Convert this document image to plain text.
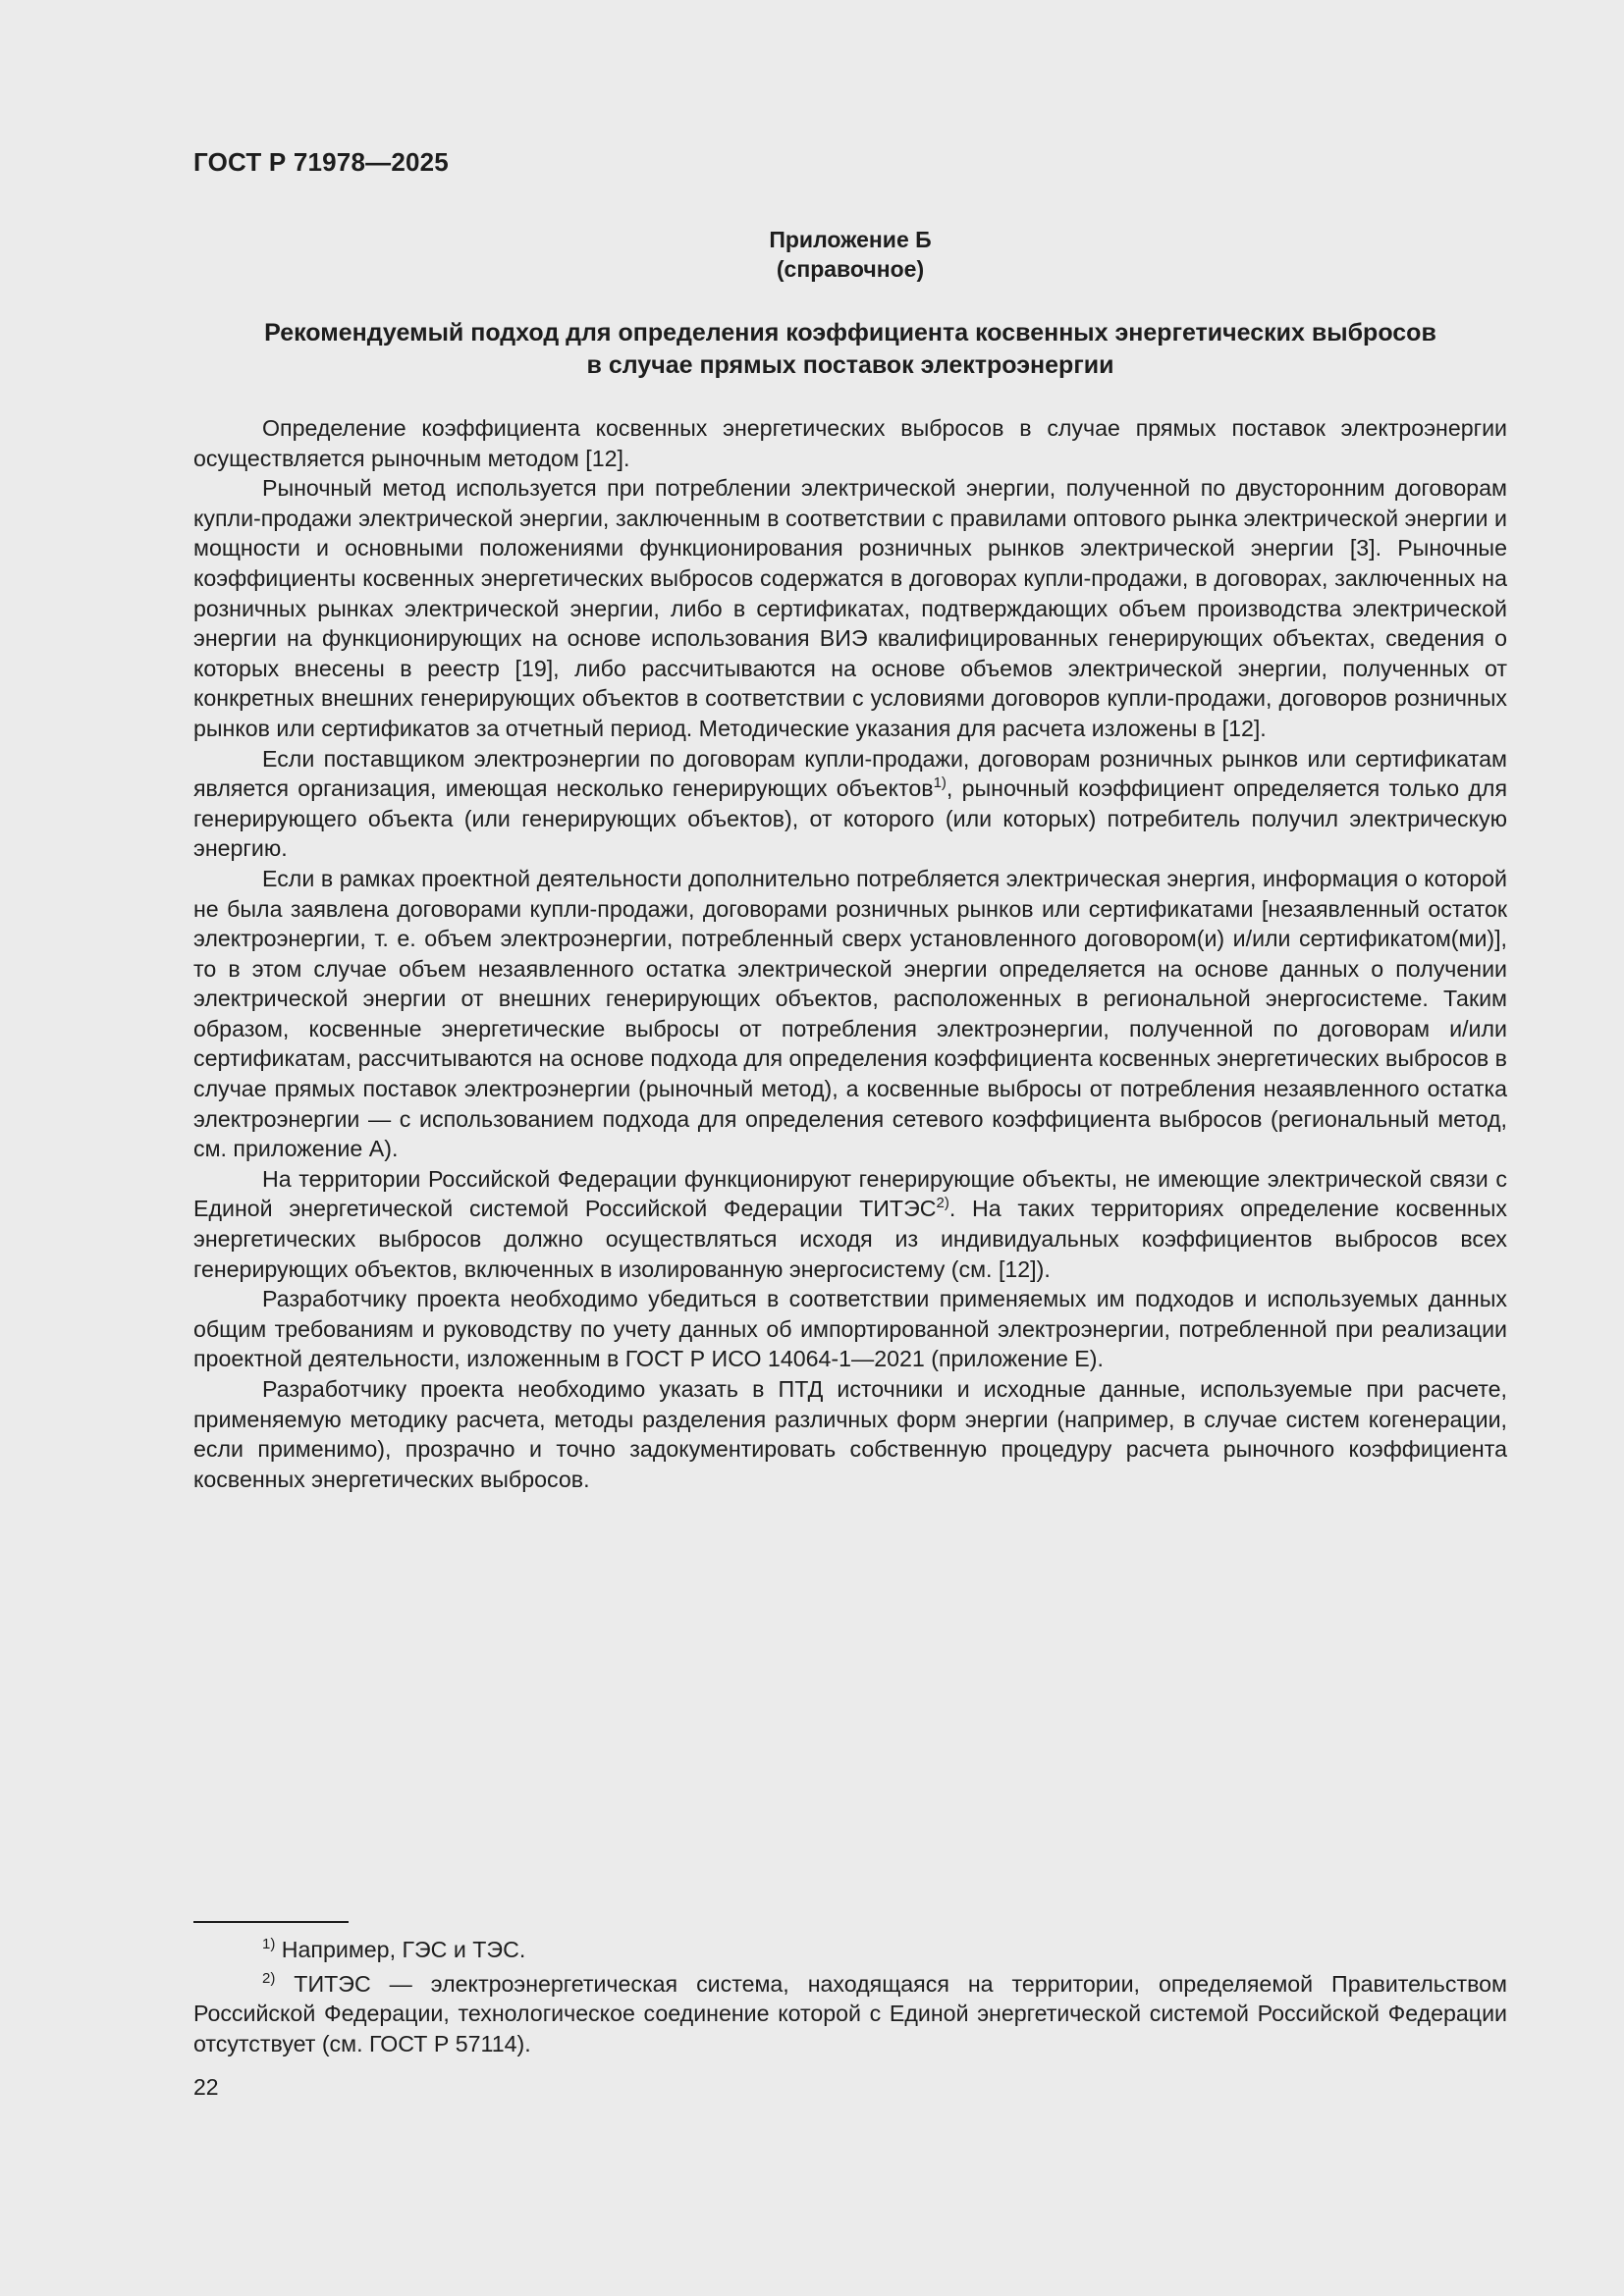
ГОСТ Р 71978—2025
Приложение Б
(справочное)
Рекомендуемый подход для определения коэффициента косвенных энергетических выбросов
в случае прямых поставок электроэнергии

Определение коэффициента косвенных энергетических выбросов в случае прямых поставок электроэнергии осуществляется рыночным методом [12].

Рыночный метод используется при потреблении электрической энергии, полученной по двусторонним договорам купли-продажи электрической энергии, заключенным в соответствии с правилами оптового рынка электрической энергии и мощности и основными положениями функционирования розничных рынков электрической энергии [3]. Рыночные коэффициенты косвенных энергетических выбросов содержатся в договорах купли-продажи, в договорах, заключенных на розничных рынках электрической энергии, либо в сертификатах, подтверждающих объем производства электрической энергии на функционирующих на основе использования ВИЭ квалифицированных генерирующих объектах, сведения о которых внесены в реестр [19], либо рассчитываются на основе объемов электрической энергии, полученных от конкретных внешних генерирующих объектов в соответствии с условиями договоров купли-продажи, договоров розничных рынков или сертификатов за отчетный период. Методические указания для расчета изложены в [12].

Если поставщиком электроэнергии по договорам купли-продажи, договорам розничных рынков или сертификатам является организация, имеющая несколько генерирующих объектов$^{1)}$, рыночный коэффициент определяется только для генерирующего объекта (или генерирующих объектов), от которого (или которых) потребитель получил электрическую энергию.

Если в рамках проектной деятельности дополнительно потребляется электрическая энергия, информация о которой не была заявлена договорами купли-продажи, договорами розничных рынков или сертификатами [незаявленный остаток электроэнергии, т. е. объем электроэнергии, потребленный сверх установленного договором(и) и/или сертификатом(ми)], то в этом случае объем незаявленного остатка электрической энергии определяется на основе данных о получении электрической энергии от внешних генерирующих объектов, расположенных в региональной энергосистеме. Таким образом, косвенные энергетические выбросы от потребления электроэнергии, полученной по договорам и/или сертификатам, рассчитываются на основе подхода для определения коэффициента косвенных энергетических выбросов в случае прямых поставок электроэнергии (рыночный метод), а косвенные выбросы от потребления незаявленного остатка электроэнергии — с использованием подхода для определения сетевого коэффициента выбросов (региональный метод, см. приложение А).

На территории Российской Федерации функционируют генерирующие объекты, не имеющие электрической связи с Единой энергетической системой Российской Федерации ТИТЭС$^{2)}$. На таких территориях определение косвенных энергетических выбросов должно осуществляться исходя из индивидуальных коэффициентов выбросов всех генерирующих объектов, включенных в изолированную энергосистему (см. [12]).

Разработчику проекта необходимо убедиться в соответствии применяемых им подходов и используемых данных общим требованиям и руководству по учету данных об импортированной электроэнергии, потребленной при реализации проектной деятельности, изложенным в ГОСТ Р ИСО 14064-1—2021 (приложение Е).

Разработчику проекта необходимо указать в ПТД источники и исходные данные, используемые при расчете, применяемую методику расчета, методы разделения различных форм энергии (например, в случае систем когенерации, если применимо), прозрачно и точно задокументировать собственную процедуру расчета рыночного коэффициента косвенных энергетических выбросов.

$^{1)}$ Например, ГЭС и ТЭС.

$^{2)}$ ТИТЭС — электроэнергетическая система, находящаяся на территории, определяемой Правительством Российской Федерации, технологическое соединение которой с Единой энергетической системой Российской Федерации отсутствует (см. ГОСТ Р 57114).

22
